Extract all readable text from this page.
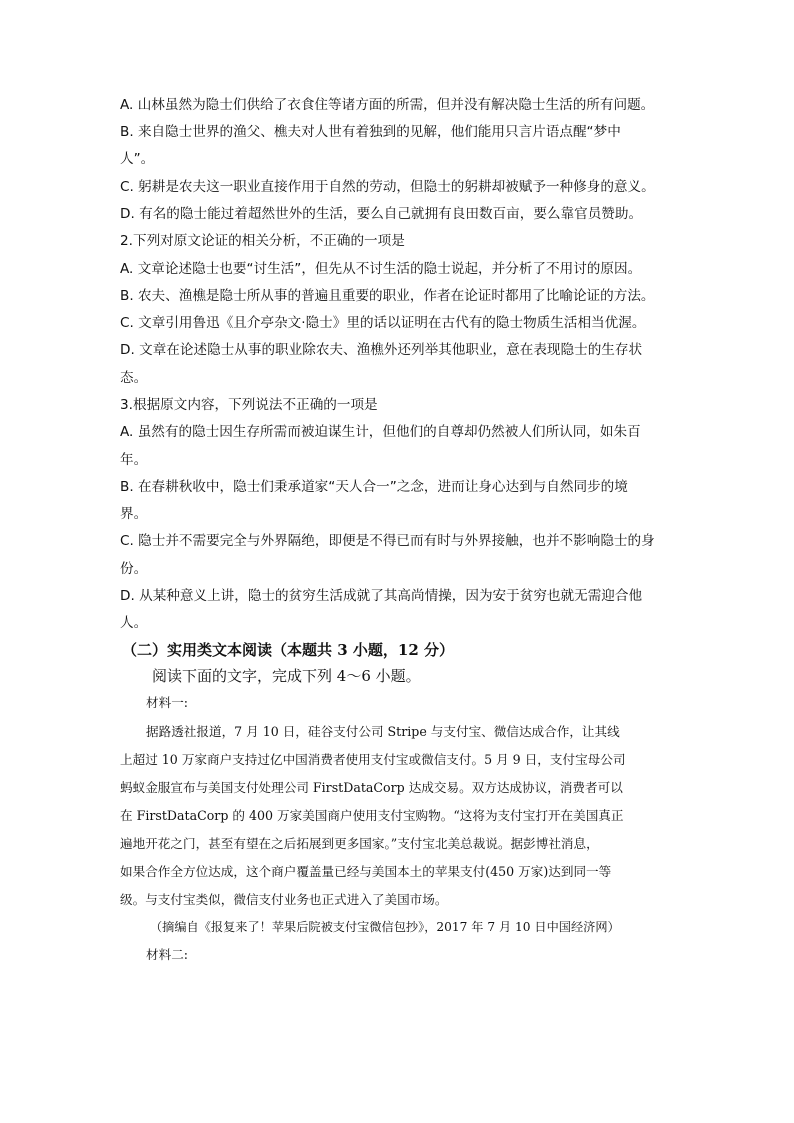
A. 山林虽然为隐士们供给了衣食住等诸方面的所需，但并没有解决隐士生活的所有问题。
B. 来自隐士世界的渔父、樵夫对人世有着独到的见解，他们能用只言片语点醒“梦中
人”。
C. 躬耕是农夫这一职业直接作用于自然的劳动，但隐士的躬耕却被赋予一种修身的意义。
D. 有名的隐士能过着超然世外的生活，要么自己就拥有良田数百亩，要么靠官员赞助。
2.下列对原文论证的相关分析，不正确的一项是
A. 文章论述隐士也要“讨生活”，但先从不讨生活的隐士说起，并分析了不用讨的原因。
B. 农夫、渔樵是隐士所从事的普遍且重要的职业，作者在论证时都用了比喻论证的方法。
C. 文章引用鲁迅《且介亭杂文·隐士》里的话以证明在古代有的隐士物质生活相当优渥。
D. 文章在论述隐士从事的职业除农夫、渔樵外还列举其他职业，意在表现隐士的生存状
态。
3.根据原文内容，下列说法不正确的一项是
A. 虽然有的隐士因生存所需而被迫谋生计，但他们的自尊却仍然被人们所认同，如朱百
年。
B. 在春耕秋收中，隐士们秉承道家“天人合一”之念，进而让身心达到与自然同步的境
界。
C. 隐士并不需要完全与外界隔绝，即便是不得已而有时与外界接触，也并不影响隐士的身
份。
D. 从某种意义上讲，隐士的贫穷生活成就了其高尚情操，因为安于贫穷也就无需迎合他
人。
（二）实用类文本阅读（本题共 3 小题，12 分）
阅读下面的文字，完成下列 4～6 小题。
材料一:
据路透社报道，7 月 10 日，硅谷支付公司 Stripe 与支付宝、微信达成合作，让其线
上超过 10 万家商户支持过亿中国消费者使用支付宝或微信支付。5 月 9 日，支付宝母公司
蚂蚁金服宣布与美国支付处理公司 FirstDataCorp 达成交易。双方达成协议，消费者可以
在 FirstDataCorp 的 400 万家美国商户使用支付宝购物。“这将为支付宝打开在美国真正
遍地开花之门，甚至有望在之后拓展到更多国家。”支付宝北美总裁说。据彭博社消息，
如果合作全方位达成，这个商户覆盖量已经与美国本土的苹果支付(450 万家)达到同一等
级。与支付宝类似，微信支付业务也正式进入了美国市场。
（摘编自《报复来了！苹果后院被支付宝微信包抄》，2017 年 7 月 10 日中国经济网）
材料二:
